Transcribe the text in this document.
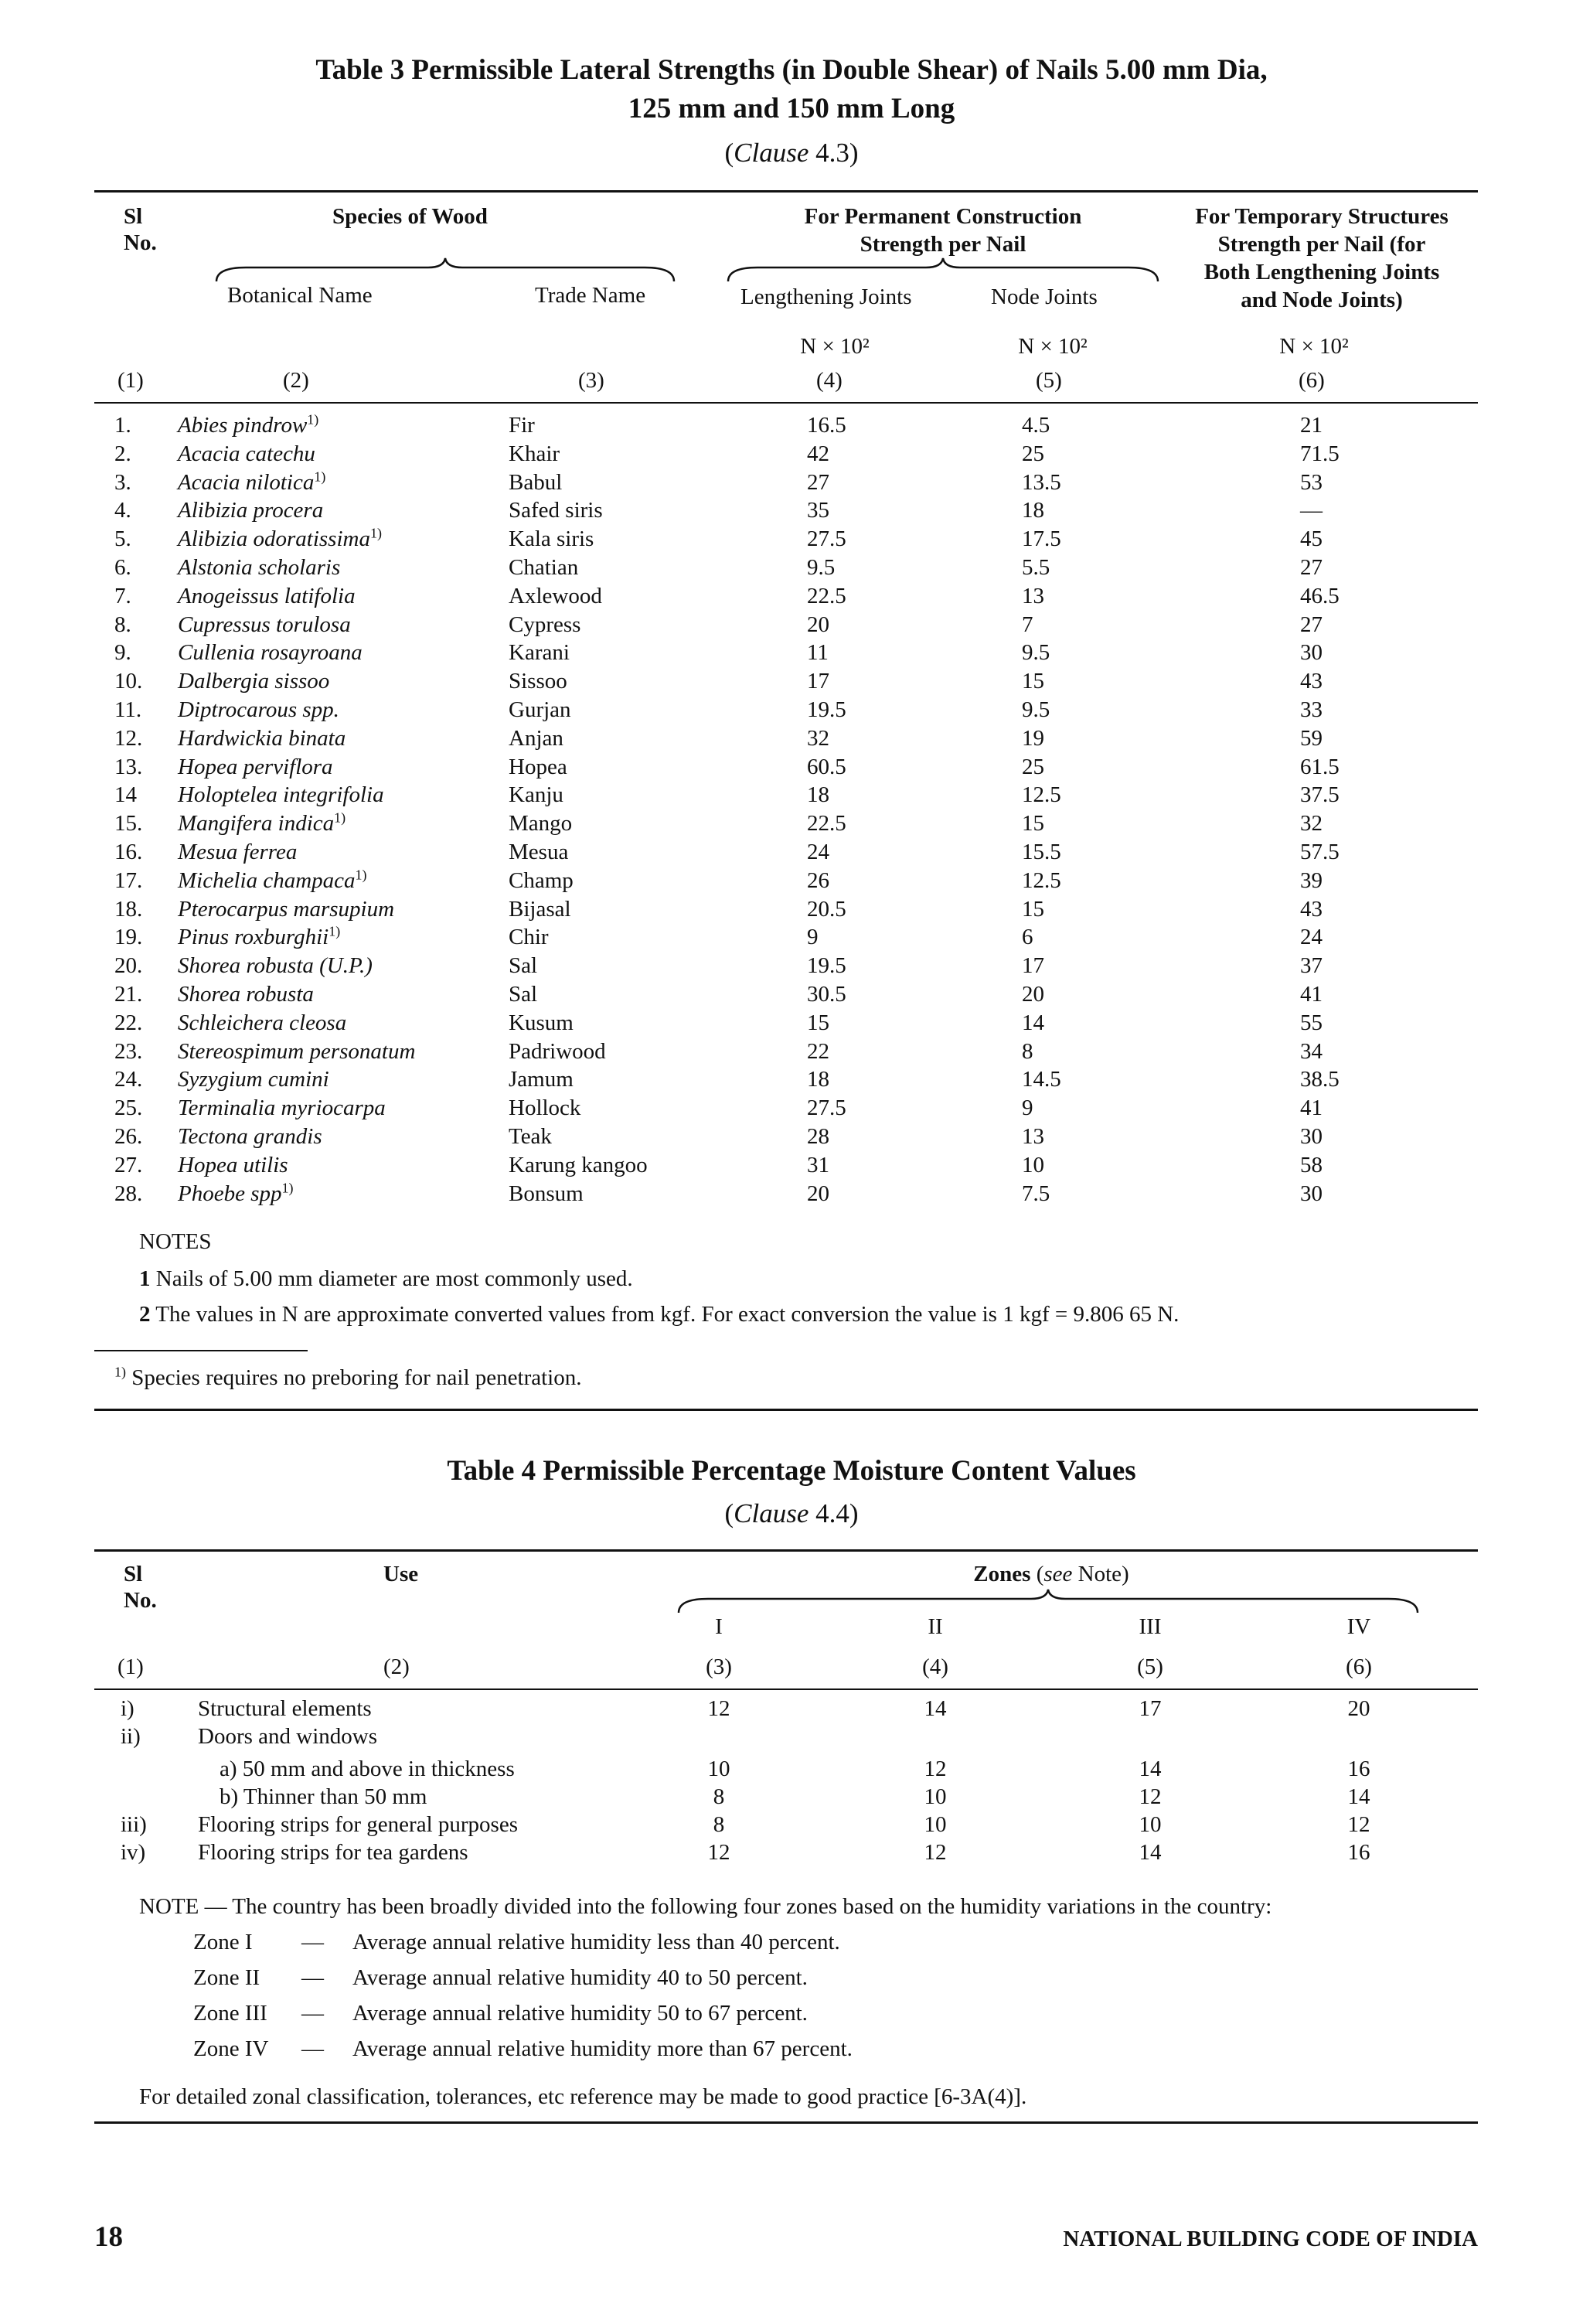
Table 3 Permissible Lateral Strengths (in Double Shear) of Nails 5.00 mm Dia,
125 mm and 150 mm Long
(Clause 4.3)
Sl
No.
Species of Wood
Botanical Name	Trade Name
For Permanent Construction
Strength per Nail
Lengthening Joints	Node Joints
For Temporary Structures
Strength per Nail (for
Both Lengthening Joints
and Node Joints)
N × 10²	N × 10²	N × 10²
(1)	(2)	(3)	(4)	(5)	(6)
1. Abies pindrow$^{1)}$	Fir	16.5	4.5	21
2. Acacia catechu	Khair	42	25	71.5
3. Acacia nilotica$^{1)}$	Babul	27	13.5	53
4. Alibizia procera	Safed siris	35	18	—
5. Alibizia odoratissima$^{1)}$	Kala siris	27.5	17.5	45
6. Alstonia scholaris	Chatian	9.5	5.5	27
7. Anogeissus latifolia	Axlewood	22.5	13	46.5
8. Cupressus torulosa	Cypress	20	7	27
9. Cullenia rosayroana	Karani	11	9.5	30
10. Dalbergia sissoo	Sissoo	17	15	43
11. Diptrocarous spp.	Gurjan	19.5	9.5	33
12. Hardwickia binata	Anjan	32	19	59
13. Hopea perviflora	Hopea	60.5	25	61.5
14 Holoptelea integrifolia	Kanju	18	12.5	37.5
15. Mangifera indica$^{1)}$	Mango	22.5	15	32
16. Mesua ferrea	Mesua	24	15.5	57.5
17. Michelia champaca$^{1)}$	Champ	26	12.5	39
18. Pterocarpus marsupium	Bijasal	20.5	15	43
19. Pinus roxburghii$^{1)}$	Chir	9	6	24
20. Shorea robusta (U.P.)	Sal	19.5	17	37
21. Shorea robusta	Sal	30.5	20	41
22. Schleichera cleosa	Kusum	15	14	55
23. Stereospimum personatum	Padriwood	22	8	34
24. Syzygium cumini	Jamum	18	14.5	38.5
25. Terminalia myriocarpa	Hollock	27.5	9	41
26. Tectona grandis	Teak	28	13	30
27. Hopea utilis	Karung kangoo	31	10	58
28. Phoebe spp$^{1)}$	Bonsum	20	7.5	30
NOTES
1 Nails of 5.00 mm diameter are most commonly used.
2 The values in N are approximate converted values from kgf. For exact conversion the value is 1 kgf = 9.806 65 N.
$^{1)}$ Species requires no preboring for nail penetration.
Table 4 Permissible Percentage Moisture Content Values
(Clause 4.4)
Sl
No.
Use	Zones (see Note)
I	II	III	IV
(1)	(2)	(3)	(4)	(5)	(6)
i)	Structural elements	12	14	17	20
ii)	Doors and windows
a) 50 mm and above in thickness	10	12	14	16
b) Thinner than 50 mm	8	10	12	14
iii) Flooring strips for general purposes	8	10	10	12
iv) Flooring strips for tea gardens	12	12	14	16
NOTE — The country has been broadly divided into the following four zones based on the humidity variations in the country:
Zone I — Average annual relative humidity less than 40 percent.
Zone II — Average annual relative humidity 40 to 50 percent.
Zone III — Average annual relative humidity 50 to 67 percent.
Zone IV — Average annual relative humidity more than 67 percent.
For detailed zonal classification, tolerances, etc reference may be made to good practice [6-3A(4)].
18	NATIONAL BUILDING CODE OF INDIA
